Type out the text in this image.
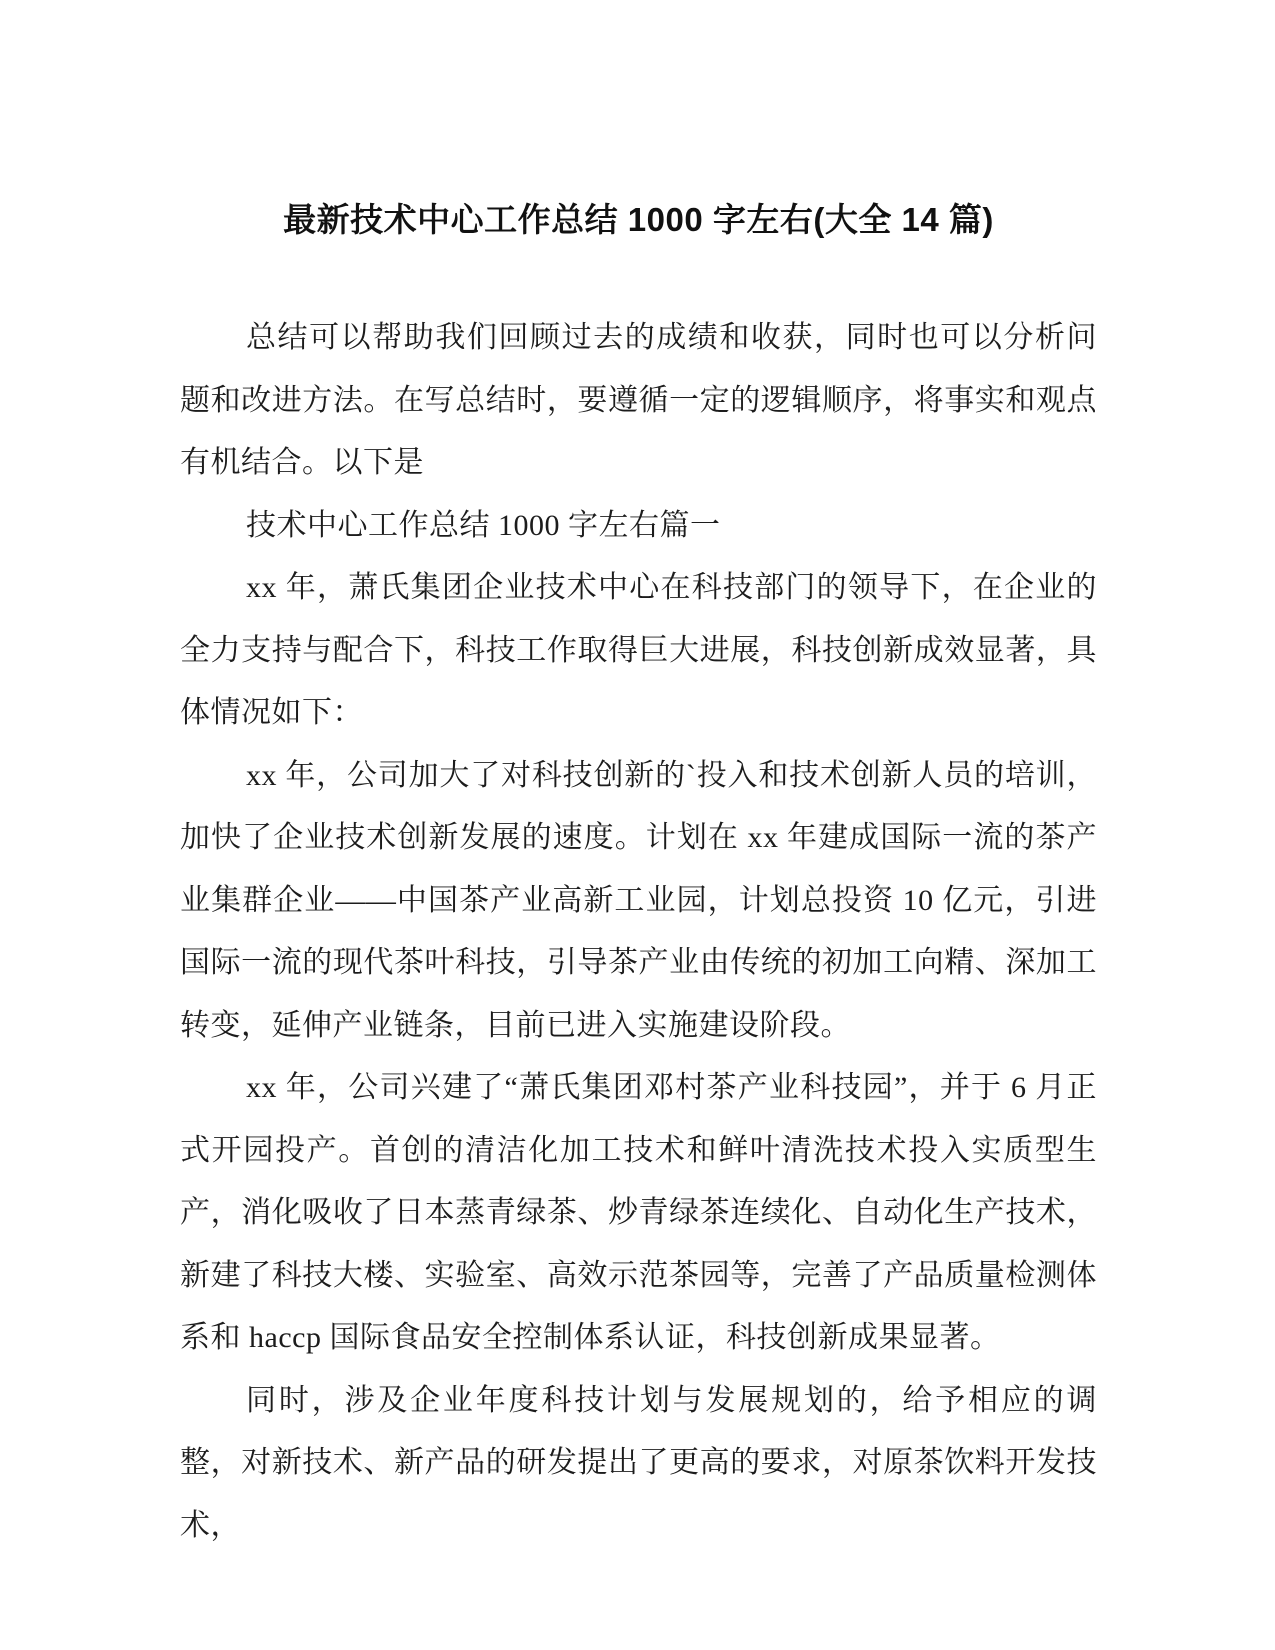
最新技术中心工作总结 1000 字左右(大全 14 篇)

总结可以帮助我们回顾过去的成绩和收获，同时也可以分析问题和改进方法。在写总结时，要遵循一定的逻辑顺序，将事实和观点有机结合。以下是

技术中心工作总结 1000 字左右篇一

xx 年，萧氏集团企业技术中心在科技部门的领导下，在企业的全力支持与配合下，科技工作取得巨大进展，科技创新成效显著，具体情况如下：

xx 年，公司加大了对科技创新的`投入和技术创新人员的培训，加快了企业技术创新发展的速度。计划在 xx 年建成国际一流的茶产业集群企业——中国茶产业高新工业园，计划总投资 10 亿元，引进国际一流的现代茶叶科技，引导茶产业由传统的初加工向精、深加工转变，延伸产业链条，目前已进入实施建设阶段。

xx 年，公司兴建了“萧氏集团邓村茶产业科技园”，并于 6 月正式开园投产。首创的清洁化加工技术和鲜叶清洗技术投入实质型生产，消化吸收了日本蒸青绿茶、炒青绿茶连续化、自动化生产技术，新建了科技大楼、实验室、高效示范茶园等，完善了产品质量检测体系和 haccp 国际食品安全控制体系认证，科技创新成果显著。

同时，涉及企业年度科技计划与发展规划的，给予相应的调整，对新技术、新产品的研发提出了更高的要求，对原茶饮料开发技术，
